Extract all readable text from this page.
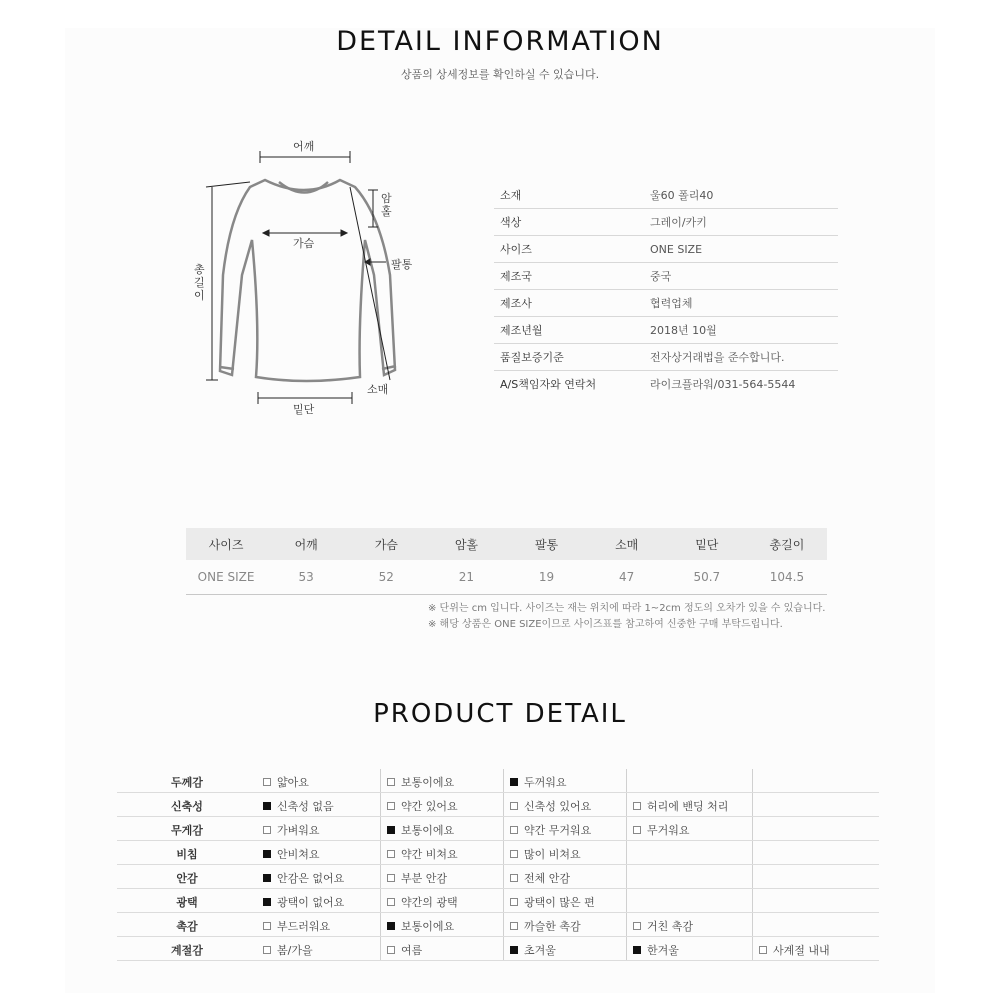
DETAIL INFORMATION
상품의 상세정보를 확인하실 수 있습니다.
어깨
암홀
가슴
팔통
총길이
소매
밑단
소재	울60 폴리40
색상	그레이/카키
사이즈	ONE SIZE
제조국	중국
제조사	협력업체
제조년월	2018년 10월
품질보증기준	전자상거래법을 준수합니다.
A/S책임자와 연락처	라이크플라워/031-564-5544
사이즈	어깨	가슴	암홀	팔통	소매	밑단	총길이
ONE SIZE	53	52	21	19	47	50.7	104.5
※ 단위는 cm 입니다. 사이즈는 재는 위치에 따라 1~2cm 정도의 오차가 있을 수 있습니다.
※ 해당 상품은 ONE SIZE이므로 사이즈표를 참고하여 신중한 구매 부탁드립니다.
PRODUCT DETAIL
두께감	얇아요	보통이에요	두꺼워요
신축성	신축성 없음	약간 있어요	신축성 있어요	허리에 밴딩 처리
무게감	가벼워요	보통이에요	약간 무거워요	무거워요
비침	안비쳐요	약간 비쳐요	많이 비쳐요
안감	안감은 없어요	부분 안감	전체 안감
광택	광택이 없어요	약간의 광택	광택이 많은 편
촉감	부드러워요	보통이에요	까슬한 촉감	거친 촉감
계절감	봄/가을	여름	초겨울	한겨울	사계절 내내
